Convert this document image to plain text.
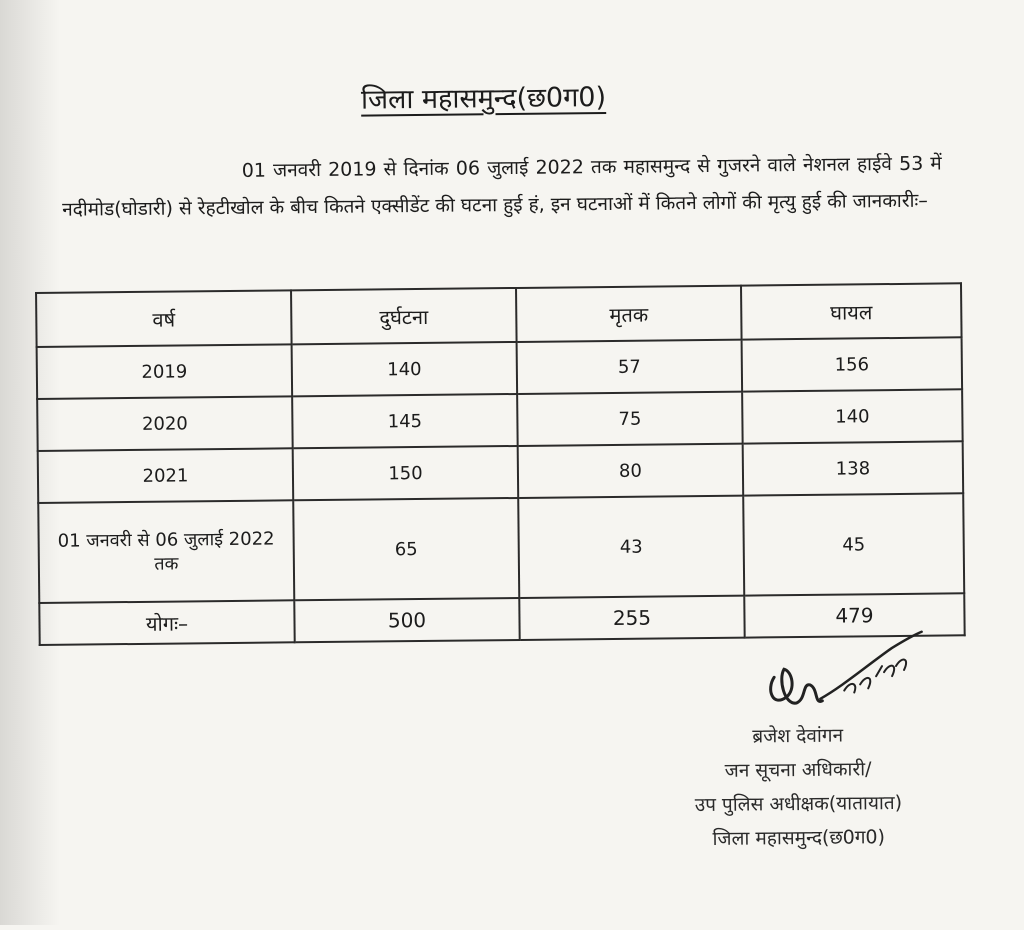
जिला महासमुन्द(छ0ग0)
01 जनवरी 2019 से दिनांक 06 जुलाई 2022 तक महासमुन्द से गुजरने वाले नेशनल हाईवे 53 में नदीमोड(घोडारी) से रेहटीखोल के बीच कितने एक्सीडेंट की घटना हुई हं, इन घटनाओं में कितने लोगों की मृत्यु हुई की जानकारीः–
वर्ष	दुर्घटना	मृतक	घायल
2019	140	57	156
2020	145	75	140
2021	150	80	138
01 जनवरी से 06 जुलाई 2022 तक	65	43	45
योगः–	500	255	479
ब्रजेश देवांगन
जन सूचना अधिकारी/
उप पुलिस अधीक्षक(यातायात)
जिला महासमुन्द(छ0ग0)
